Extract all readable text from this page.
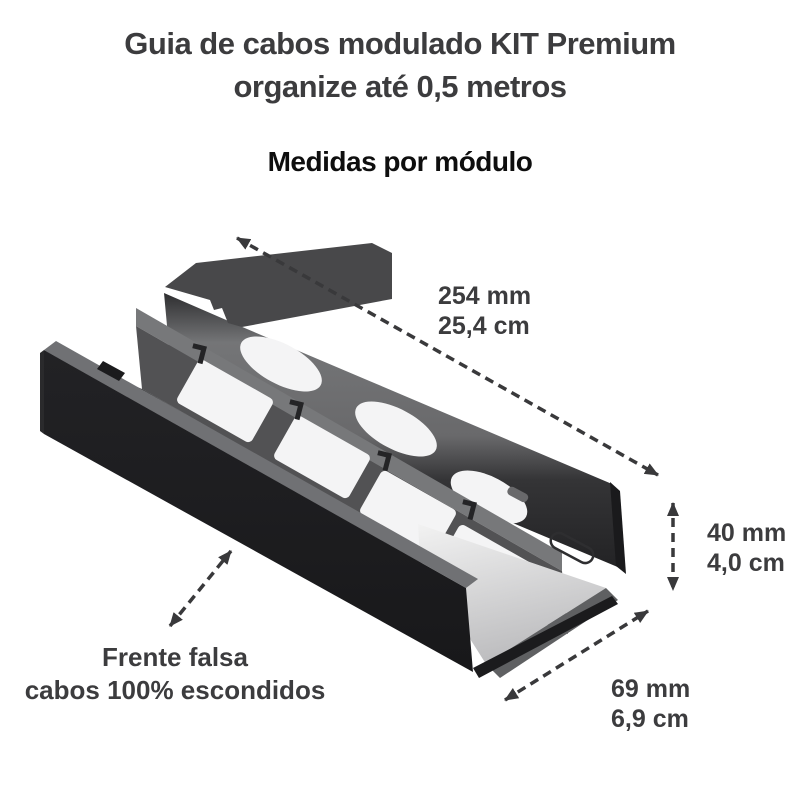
Guia de cabos modulado KIT Premium
organize até 0,5 metros
Medidas por módulo
254 mm
25,4 cm
40 mm
4,0 cm
69 mm
6,9 cm
Frente falsa
cabos 100% escondidos
